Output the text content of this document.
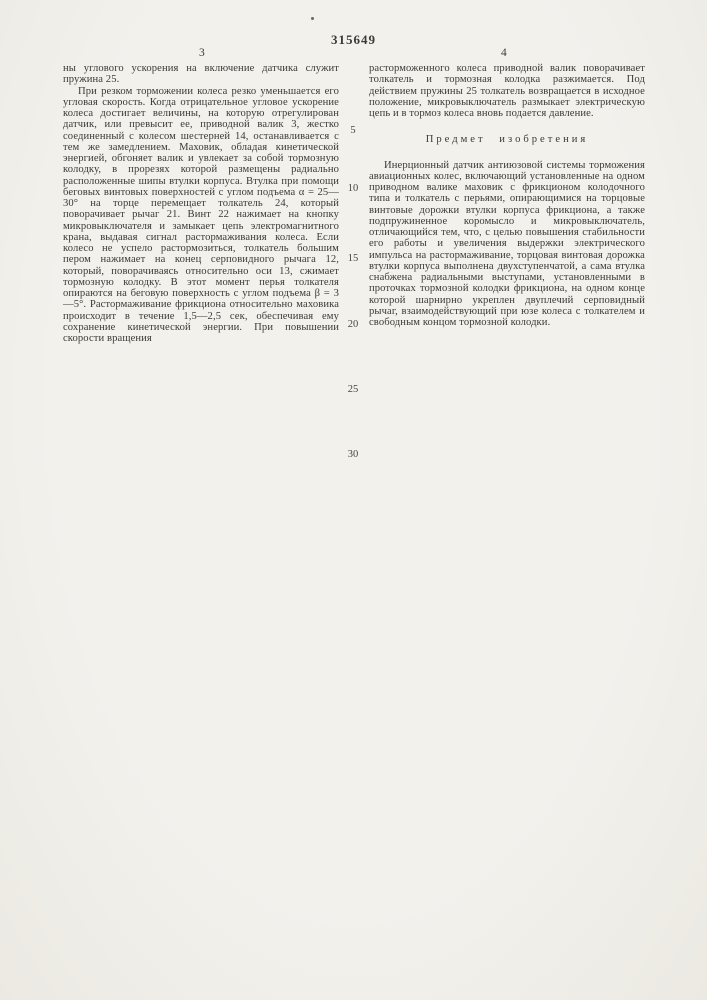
315649
3	4

ны углового ускорения на включение датчика служит пружина 25.

При резком торможении колеса резко уменьшается его угловая скорость. Когда отрицательное угловое ускорение колеса достигает величины, на которую отрегулирован датчик, или превысит ее, приводной валик 3, жестко соединенный с колесом шестерней 14, останавливается с тем же замедлением. Маховик, обладая кинетической энергией, обгоняет валик и увлекает за собой тормозную колодку, в прорезях которой размещены радиально расположенные шипы втулки корпуса. Втулка при помощи беговых винтовых поверхностей с углом подъема α = 25—30° на торце перемещает толкатель 24, который поворачивает рычаг 21. Винт 22 нажимает на кнопку микровыключателя и замыкает цепь электромагнитного крана, выдавая сигнал растормаживания колеса. Если колесо не успело растормозиться, толкатель большим пером нажимает на конец серповидного рычага 12, который, поворачиваясь относительно оси 13, сжимает тормозную колодку. В этот момент перья толкателя опираются на беговую поверхность с углом подъема β = 3—5°. Растормаживание фрикциона относительно маховика происходит в течение 1,5—2,5 сек, обеспечивая ему сохранение кинетической энергии. При повышении скорости вращения

расторможенного колеса приводной валик поворачивает толкатель и тормозная колодка разжимается. Под действием пружины 25 толкатель возвращается в исходное положение, микровыключатель размыкает электрическую цепь и в тормоз колеса вновь подается давление.

Предмет изобретения

Инерционный датчик антиюзовой системы торможения авиационных колес, включающий установленные на одном приводном валике маховик с фрикционом колодочного типа и толкатель с перьями, опирающимися на торцовые винтовые дорожки втулки корпуса фрикциона, а также подпружиненное коромысло и микровыключатель, отличающийся тем, что, с целью повышения стабильности его работы и увеличения выдержки электрического импульса на растормаживание, торцовая винтовая дорожка втулки корпуса выполнена двухступенчатой, а сама втулка снабжена радиальными выступами, установленными в проточках тормозной колодки фрикциона, на одном конце которой шарнирно укреплен двуплечий серповидный рычаг, взаимодействующий при юзе колеса с толкателем и свободным концом тормозной колодки.

5
10
15
20
25
30
